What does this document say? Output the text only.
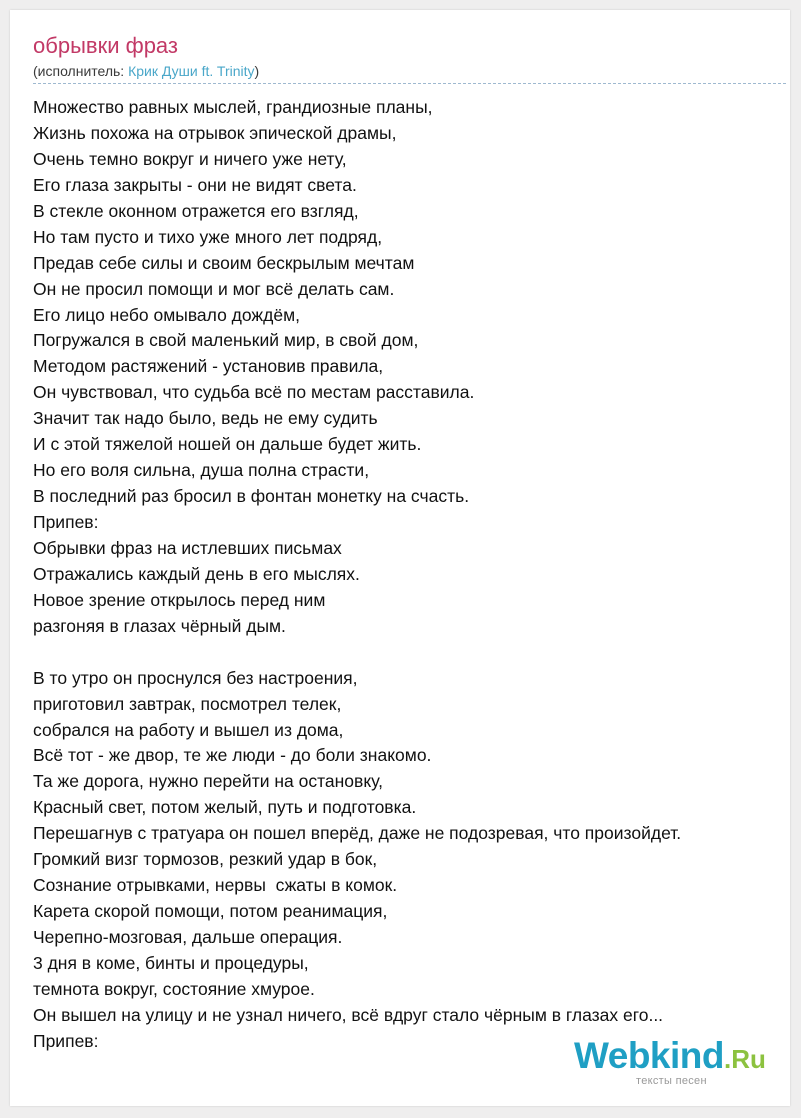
обрывки фраз
(исполнитель: Крик Души ft. Trinity)
Множество равных мыслей, грандиозные планы,
Жизнь похожа на отрывок эпической драмы,
Очень темно вокруг и ничего уже нету,
Его глаза закрыты - они не видят света.
В стекле оконном отражется его взгляд,
Но там пусто и тихо уже много лет подряд,
Предав себе силы и своим бескрылым мечтам
Он не просил помощи и мог всё делать сам.
Его лицо небо омывало дождём,
Погружался в свой маленький мир, в свой дом,
Методом растяжений - установив правила,
Он чувствовал, что судьба всё по местам расставила.
Значит так надо было, ведь не ему судить
И с этой тяжелой ношей он дальше будет жить.
Но его воля сильна, душа полна страсти,
В последний раз бросил в фонтан монетку на счасть.
Припев:
Обрывки фраз на истлевших письмах
Отражались каждый день в его мыслях.
Новое зрение открылось перед ним
разгоняя в глазах чёрный дым.
В то утро он проснулся без настроения,
приготовил завтрак, посмотрел телек,
собрался на работу и вышел из дома,
Всё тот - же двор, те же люди - до боли знакомо.
Та же дорога, нужно перейти на остановку,
Красный свет, потом желый, путь и подготовка.
Перешагнув с тратуара он пошел вперёд, даже не подозревая, что произойдет.
Громкий визг тормозов, резкий удар в бок,
Сознание отрывками, нервы  сжаты в комок.
Карета скорой помощи, потом реанимация,
Черепно-мозговая, дальше операция.
3 дня в коме, бинты и процедуры,
темнота вокруг, состояние хмурое.
Он вышел на улицу и не узнал ничего, всё вдруг стало чёрным в глазах его...
Припев:	Webkind.Ru
тексты песен
